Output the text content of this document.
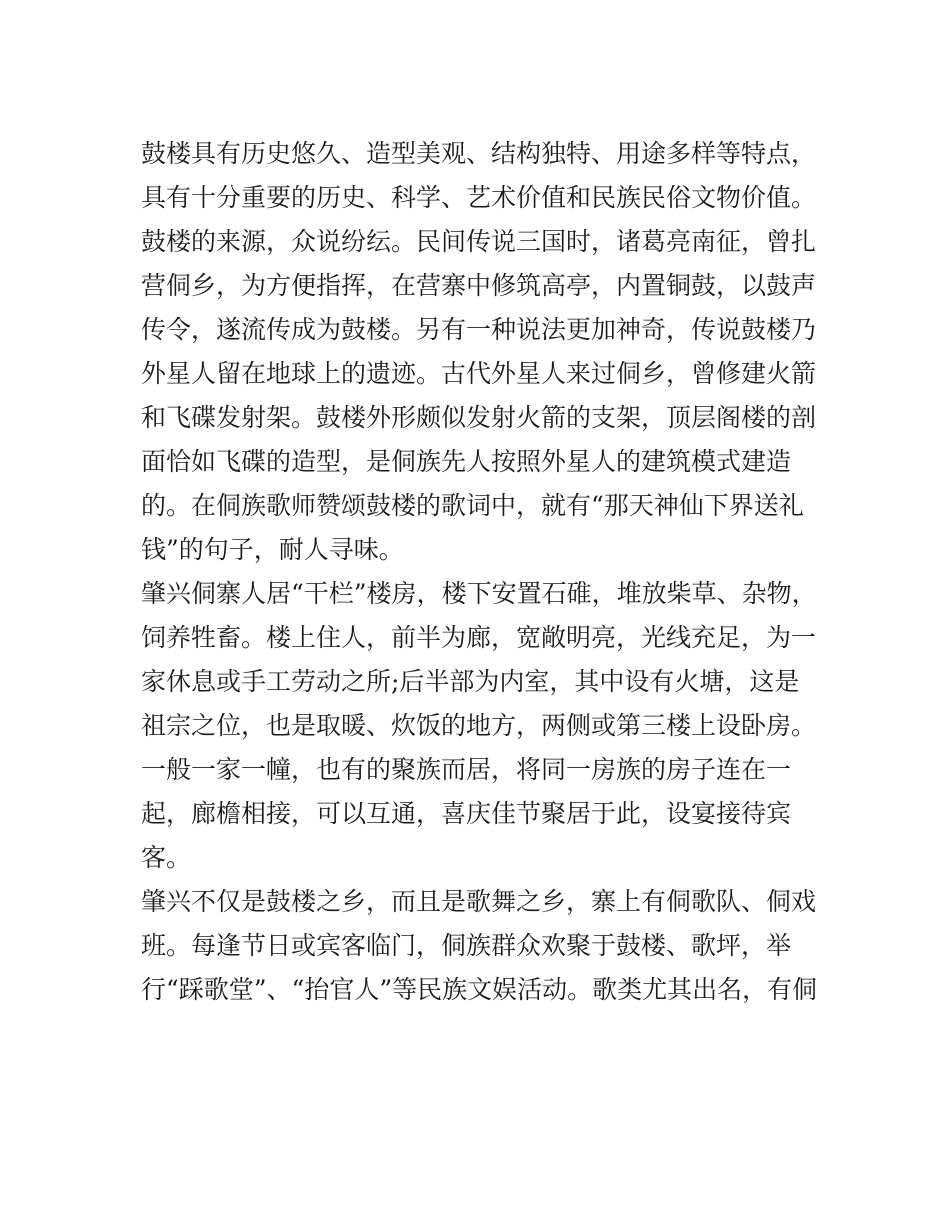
鼓楼具有历史悠久、造型美观、结构独特、用途多样等特点，
具有十分重要的历史、科学、艺术价值和民族民俗文物价值。
鼓楼的来源，众说纷纭。民间传说三国时，诸葛亮南征，曾扎
营侗乡，为方便指挥，在营寨中修筑高亭，内置铜鼓，以鼓声
传令，遂流传成为鼓楼。另有一种说法更加神奇，传说鼓楼乃
外星人留在地球上的遗迹。古代外星人来过侗乡，曾修建火箭
和飞碟发射架。鼓楼外形颇似发射火箭的支架，顶层阁楼的剖
面恰如飞碟的造型，是侗族先人按照外星人的建筑模式建造
的。在侗族歌师赞颂鼓楼的歌词中，就有“那天神仙下界送礼
钱”的句子，耐人寻味。
肇兴侗寨人居“干栏”楼房，楼下安置石碓，堆放柴草、杂物，
饲养牲畜。楼上住人，前半为廊，宽敞明亮，光线充足，为一
家休息或手工劳动之所;后半部为内室，其中设有火塘，这是
祖宗之位，也是取暖、炊饭的地方，两侧或第三楼上设卧房。
一般一家一幢，也有的聚族而居，将同一房族的房子连在一
起，廊檐相接，可以互通，喜庆佳节聚居于此，设宴接待宾
客。
肇兴不仅是鼓楼之乡，而且是歌舞之乡，寨上有侗歌队、侗戏
班。每逢节日或宾客临门，侗族群众欢聚于鼓楼、歌坪，举
行“踩歌堂”、“抬官人”等民族文娱活动。歌类尤其出名，有侗
